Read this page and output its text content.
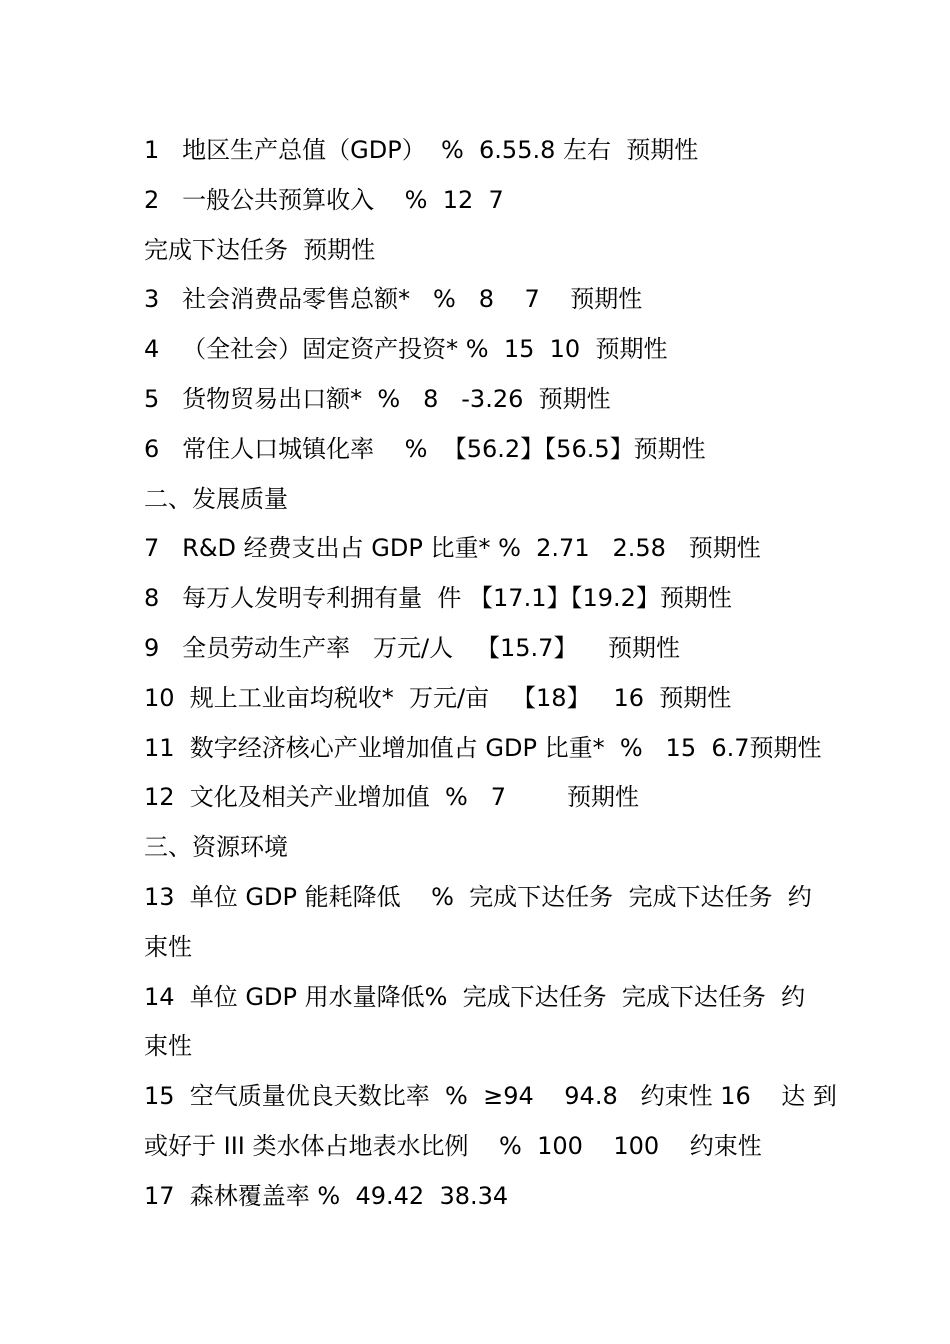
1   地区生产总值（GDP）  %  6.55.8 左右  预期性
2   一般公共预算收入    %  12  7
完成下达任务  预期性
3   社会消费品零售总额*   %   8    7    预期性
4   （全社会）固定资产投资* %  15  10  预期性
5   货物贸易出口额*  %   8   -3.26  预期性
6   常住人口城镇化率    %  【56.2】【56.5】预期性
二、发展质量
7   R&D 经费支出占 GDP 比重* %  2.71   2.58   预期性
8   每万人发明专利拥有量  件 【17.1】【19.2】预期性
9   全员劳动生产率   万元/人   【15.7】    预期性
10  规上工业亩均税收*  万元/亩   【18】   16  预期性
11  数字经济核心产业增加值占 GDP 比重*  %   15  6.7预期性
12  文化及相关产业增加值  %   7        预期性
三、资源环境
13  单位 GDP 能耗降低    %  完成下达任务  完成下达任务  约
束性
14  单位 GDP 用水量降低%  完成下达任务  完成下达任务  约
束性
15  空气质量优良天数比率  %  ≥94    94.8   约束性 16    达 到
或好于 III 类水体占地表水比例    %  100    100    约束性
17  森林覆盖率 %  49.42  38.34
